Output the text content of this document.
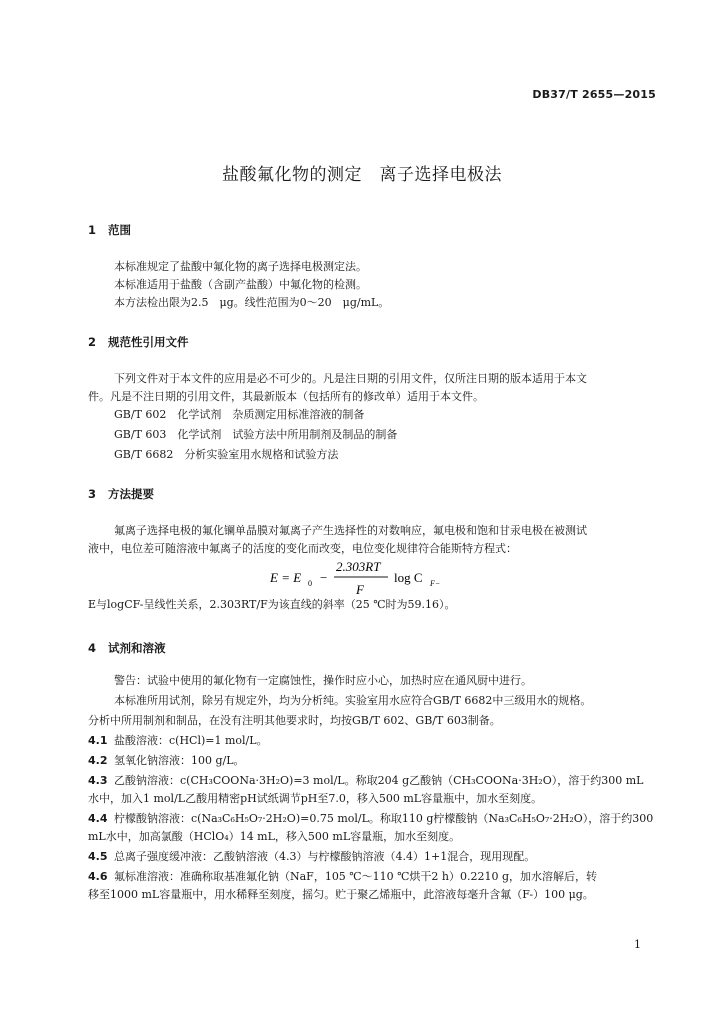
DB37/T 2655—2015
盐酸氟化物的测定　离子选择电极法
1 范围
本标准规定了盐酸中氟化物的离子选择电极测定法。
本标准适用于盐酸（含副产盐酸）中氟化物的检测。
本方法检出限为2.5　μg。线性范围为0～20　μg/mL。
2 规范性引用文件
下列文件对于本文件的应用是必不可少的。凡是注日期的引用文件，仅所注日期的版本适用于本文
件。凡是不注日期的引用文件，其最新版本（包括所有的修改单）适用于本文件。
GB/T 602　化学试剂　杂质测定用标准溶液的制备
GB/T 603　化学试剂　试验方法中所用制剂及制品的制备
GB/T 6682　分析实验室用水规格和试验方法
3 方法提要
氟离子选择电极的氟化镧单晶膜对氟离子产生选择性的对数响应，氟电极和饱和甘汞电极在被测试
液中，电位差可随溶液中氟离子的活度的变化而改变，电位变化规律符合能斯特方程式：
E = E 0 −
2.303RT
F
log C F−
E与logCF-呈线性关系，2.303RT/F为该直线的斜率（25 ℃时为59.16）。
4 试剂和溶液
警告：试验中使用的氟化物有一定腐蚀性，操作时应小心，加热时应在通风厨中进行。
本标准所用试剂，除另有规定外，均为分析纯。实验室用水应符合GB/T 6682中三级用水的规格。
分析中所用制剂和制品，在没有注明其他要求时，均按GB/T 602、GB/T 603制备。
4.1 盐酸溶液：c(HCl)=1 mol/L。
4.2 氢氧化钠溶液：100 g/L。
4.3 乙酸钠溶液：c(CH₃COONa·3H₂O)=3 mol/L。称取204 g乙酸钠（CH₃COONa·3H₂O），溶于约300 mL
水中，加入1 mol/L乙酸用精密pH试纸调节pH至7.0，移入500 mL容量瓶中，加水至刻度。
4.4 柠檬酸钠溶液：c(Na₃C₆H₅O₇·2H₂O)=0.75 mol/L。称取110 g柠檬酸钠（Na₃C₆H₅O₇·2H₂O），溶于约300
mL水中，加高氯酸（HClO₄）14 mL，移入500 mL容量瓶，加水至刻度。
4.5 总离子强度缓冲液：乙酸钠溶液（4.3）与柠檬酸钠溶液（4.4）1+1混合，现用现配。
4.6 氟标准溶液：准确称取基准氟化钠（NaF，105 ℃～110 ℃烘干2 h）0.2210 g，加水溶解后，转
移至1000 mL容量瓶中，用水稀释至刻度，摇匀。贮于聚乙烯瓶中，此溶液每毫升含氟（F-）100 μg。
1
